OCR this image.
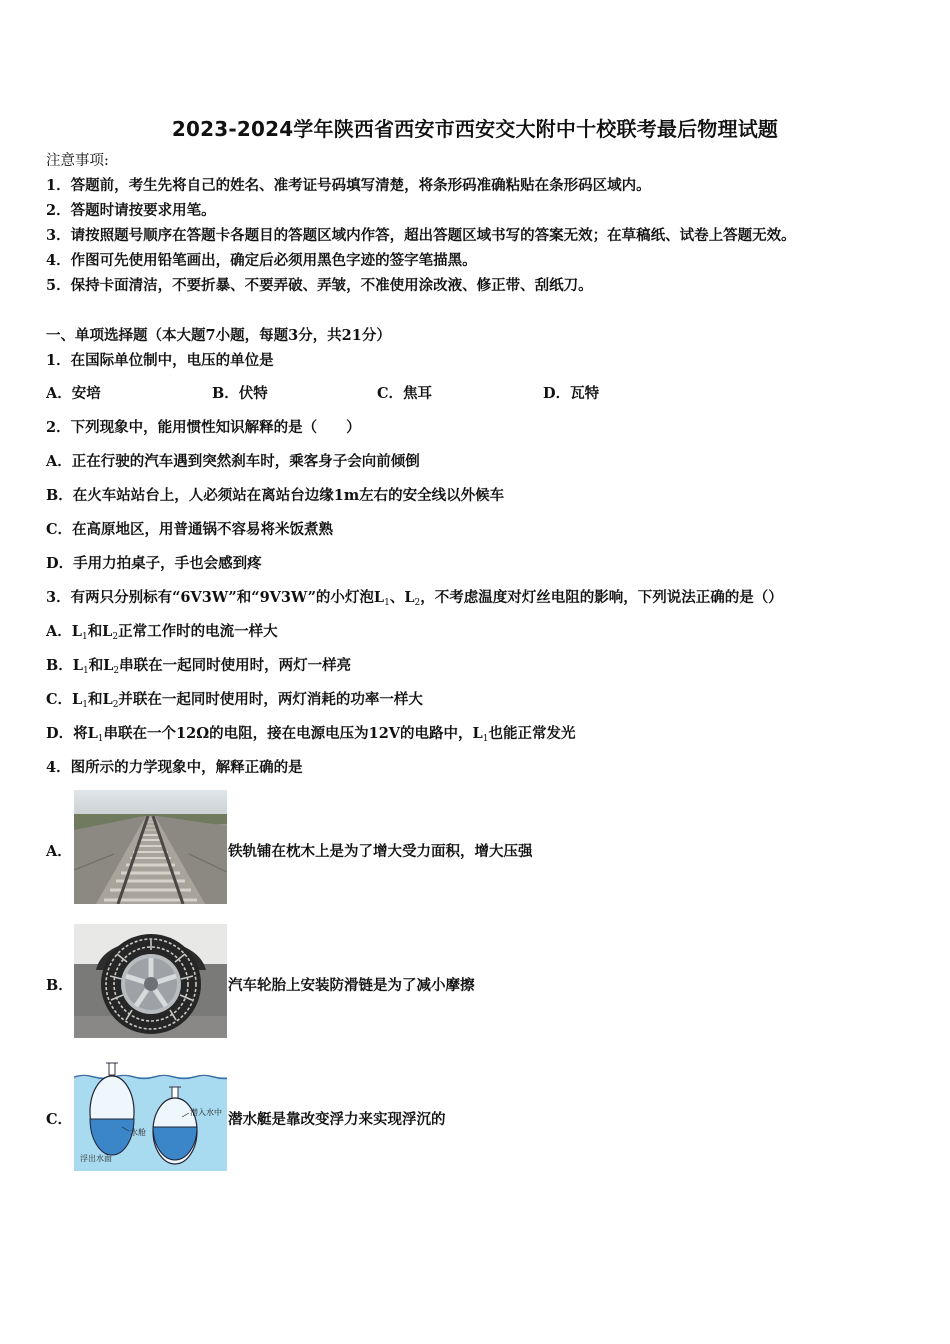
2023-2024学年陕西省西安市西安交大附中十校联考最后物理试题
注意事项:
1．答题前，考生先将自己的姓名、准考证号码填写清楚，将条形码准确粘贴在条形码区域内。
2．答题时请按要求用笔。
3．请按照题号顺序在答题卡各题目的答题区域内作答，超出答题区域书写的答案无效；在草稿纸、试卷上答题无效。
4．作图可先使用铅笔画出，确定后必须用黑色字迹的签字笔描黑。
5．保持卡面清洁，不要折暴、不要弄破、弄皱，不准使用涂改液、修正带、刮纸刀。
一、单项选择题（本大题7小题，每题3分，共21分）
1．在国际单位制中，电压的单位是
A．安培	B．伏特	C．焦耳	D．瓦特
2．下列现象中，能用惯性知识解释的是（　　）
A．正在行驶的汽车遇到突然刹车时，乘客身子会向前倾倒
B．在火车站站台上，人必须站在离站台边缘1m左右的安全线以外候车
C．在高原地区，用普通锅不容易将米饭煮熟
D．手用力拍桌子，手也会感到疼
3．有两只分别标有“6V3W”和“9V3W”的小灯泡$L_1$、$L_2$，不考虑温度对灯丝电阻的影响，下列说法正确的是（）
A．$L_1$和$L_2$正常工作时的电流一样大
B．$L_1$和$L_2$串联在一起同时使用时，两灯一样亮
C．$L_1$和$L_2$并联在一起同时使用时，两灯消耗的功率一样大
D．将$L_1$串联在一个12Ω的电阻，接在电源电压为12V的电路中，$L_1$也能正常发光
4．图所示的力学现象中，解释正确的是
A．	铁轨铺在枕木上是为了增大受力面积，增大压强
B．	汽车轮胎上安装防滑链是为了减小摩擦
C．	潜入水中
水舱
浮出水面
潜水艇是靠改变浮力来实现浮沉的
